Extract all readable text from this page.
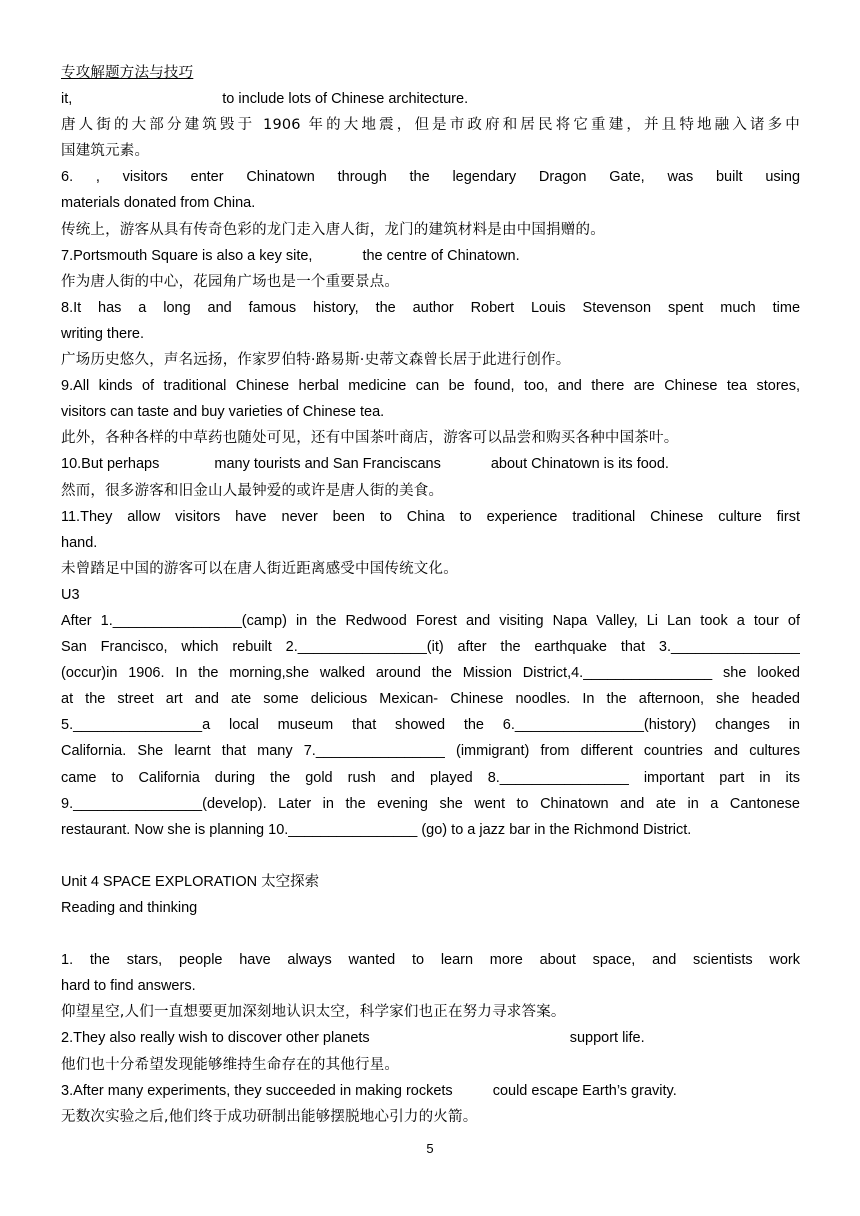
专攻解题方法与技巧
it,	to include lots of Chinese architecture.
唐人街的大部分建筑毁于 1906 年的大地震，但是市政府和居民将它重建，并且特地融入诸多中
国建筑元素。
6. , visitors enter Chinatown through the legendary Dragon Gate, was built using
materials donated from China.
传统上，游客从具有传奇色彩的龙门走入唐人街，龙门的建筑材料是由中国捐赠的。
7.Portsmouth Square is also a key site,	the centre of Chinatown.
作为唐人街的中心，花园角广场也是一个重要景点。
8.It has a long and famous history, the author Robert Louis Stevenson spent much time
writing there.
广场历史悠久，声名远扬，作家罗伯特·路易斯·史蒂文森曾长居于此进行创作。
9.All kinds of traditional Chinese herbal medicine can be found, too, and there are Chinese tea stores,
visitors can taste and buy varieties of Chinese tea.
此外，各种各样的中草药也随处可见，还有中国茶叶商店，游客可以品尝和购买各种中国茶叶。
10.But perhaps	many tourists and San Franciscans	about Chinatown is its food.
然而，很多游客和旧金山人最钟爱的或许是唐人街的美食。
11.They allow visitors have never been to China to experience traditional Chinese culture first
hand.
未曾踏足中国的游客可以在唐人街近距离感受中国传统文化。
U3
After 1.________________(camp) in the Redwood Forest and visiting Napa Valley, Li Lan took a tour of
San Francisco, which rebuilt 2.________________(it) after the earthquake that 3.________________
(occur)in 1906. In the morning,she walked around the Mission District,4.________________ she looked
at the street art and ate some delicious Mexican- Chinese noodles. In the afternoon, she headed
5.________________a local museum that showed the 6.________________(history) changes in
California. She learnt that many 7.________________ (immigrant) from different countries and cultures
came to California during the gold rush and played 8.________________ important part in its
9.________________(develop). Later in the evening she went to Chinatown and ate in a Cantonese
restaurant. Now she is planning 10.________________ (go) to a jazz bar in the Richmond District.
Unit 4 SPACE EXPLORATION 太空探索
Reading and thinking
1. the stars, people have always wanted to learn more about space, and scientists work
hard to find answers.
仰望星空,人们一直想要更加深刻地认识太空，科学家们也正在努力寻求答案。
2.They also really wish to discover other planets	support life.
他们也十分希望发现能够维持生命存在的其他行星。
3.After many experiments, they succeeded in making rockets	could escape Earth’s gravity.
无数次实验之后,他们终于成功研制出能够摆脱地心引力的火箭。
5
